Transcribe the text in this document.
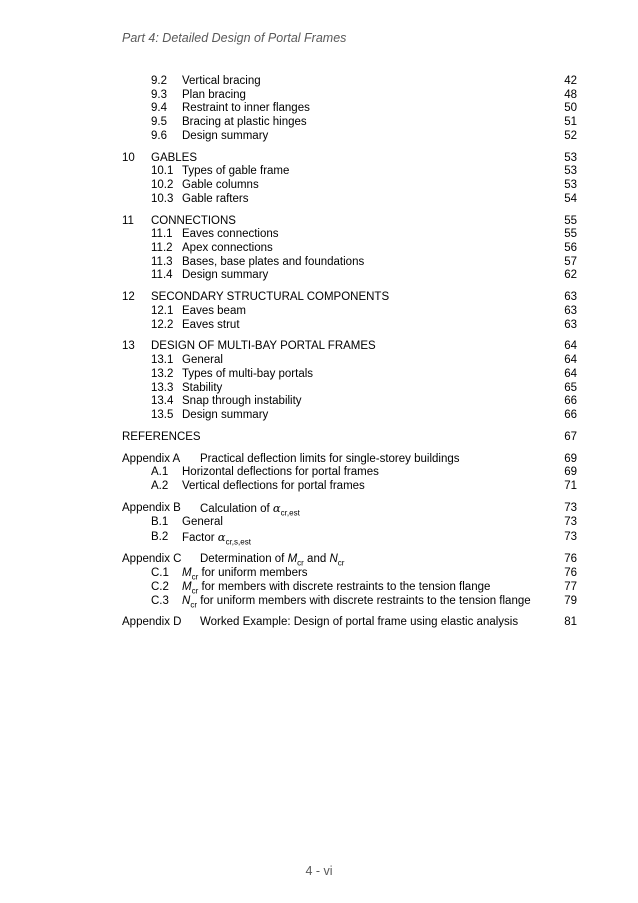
Part 4: Detailed Design of Portal Frames
9.2 Vertical bracing	42
9.3 Plan bracing	48
9.4 Restraint to inner flanges	50
9.5 Bracing at plastic hinges	51
9.6 Design summary	52
10 GABLES	53
10.1 Types of gable frame	53
10.2 Gable columns	53
10.3 Gable rafters	54
11 CONNECTIONS	55
11.1 Eaves connections	55
11.2 Apex connections	56
11.3 Bases, base plates and foundations	57
11.4 Design summary	62
12 SECONDARY STRUCTURAL COMPONENTS	63
12.1 Eaves beam	63
12.2 Eaves strut	63
13 DESIGN OF MULTI-BAY PORTAL FRAMES	64
13.1 General	64
13.2 Types of multi-bay portals	64
13.3 Stability	65
13.4 Snap through instability	66
13.5 Design summary	66
REFERENCES	67
Appendix A Practical deflection limits for single-storey buildings	69
A.1 Horizontal deflections for portal frames	69
A.2 Vertical deflections for portal frames	71
Appendix B Calculation of $\alpha_{cr,est}$	73
B.1 General	73
B.2 Factor $\alpha_{cr,s,est}$	73
Appendix C Determination of $M_{cr}$ and $N_{cr}$	76
C.1 $M_{cr}$ for uniform members	76
C.2 $M_{cr}$ for members with discrete restraints to the tension flange	77
C.3 $N_{cr}$ for uniform members with discrete restraints to the tension flange	79
Appendix D Worked Example: Design of portal frame using elastic analysis	81
4 - vi
